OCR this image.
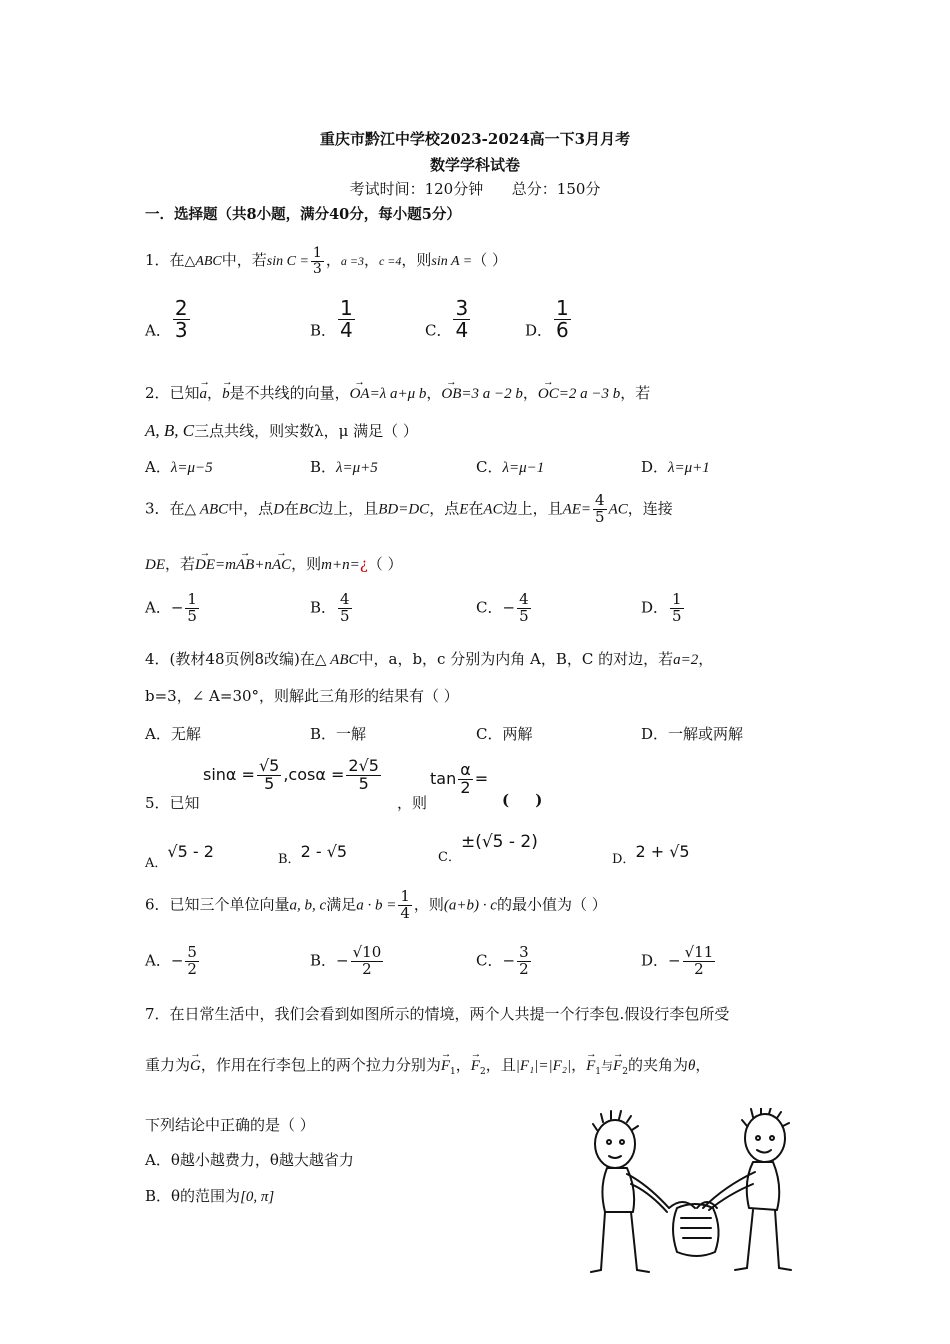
重庆市黔江中学校2023-2024高一下3月月考
数学学科试卷
考试时间：120分钟      总分：150分
一．选择题（共8小题，满分40分，每小题5分）
1．在△ABC中，若$\sin C = \frac{1}{3}$ ，a =3，c =4，则sin A =（ ）
A． $\frac{2}{3}$	B． $\frac{1}{4}$	C． $\frac{3}{4}$	D． $\frac{1}{6}$
2．已知→ a，→ b是不共线的向量，→ OA=λ a+μ b，→ OB=3 a −2 b，→ OC=2 a −3 b，若
A, B, C三点共线，则实数λ，μ 满足（ ）
A．λ=μ−5	B．λ=μ+5	C．λ=μ−1	D．λ=μ+1
3．在△ ABC中，点D在BC边上，且BD=DC，点E在AC边上，且$AE= \frac{4}{5}$ AC，连接
DE，若→ DE=m→ AB+n→ AC，则m+n=¿（ ）
A．− $\frac{1}{5}$	B． $\frac{4}{5}$	C．− $\frac{4}{5}$	D． $\frac{1}{5}$
4．(教材48页例8改编)在△ ABC中，a，b，c 分别为内角 A，B，C 的对边，若a=2，
b=3，∠ A=30°，则解此三角形的结果有（ ）
A．无解	B．一解	C．两解	D．一解或两解
5．已知
$\sin\alpha = \frac{√5}{5} ,\cos\alpha = \frac{2√5}{5}$
，则
$\tan \frac{\alpha}{2}$ =
(     )
A．√5 - 2	B．2 - √5	C．±(√5 - 2)
D．2 + √5
6．已知三个单位向量a, b, c满足$a \cdot b = \frac{1}{4}$ ，则(a+b) · c的最小值为（ ）
A．− $\frac{5}{2}$	B．− $\frac{√10}{2}$	C．− $\frac{3}{2}$	D．− $\frac{√11}{2}$
7．在日常生活中，我们会看到如图所示的情境，两个人共提一个行李包.假设行李包所受
重力为→ G，作用在行李包上的两个拉力分别为→ $F_1$，→ $F_2$，且|F₁|=|F₂|，→ $F_1$与→ $F_2$的夹角为θ，
下列结论中正确的是（ ）
A．θ越小越费力，θ越大越省力
B．θ的范围为[0, π]
